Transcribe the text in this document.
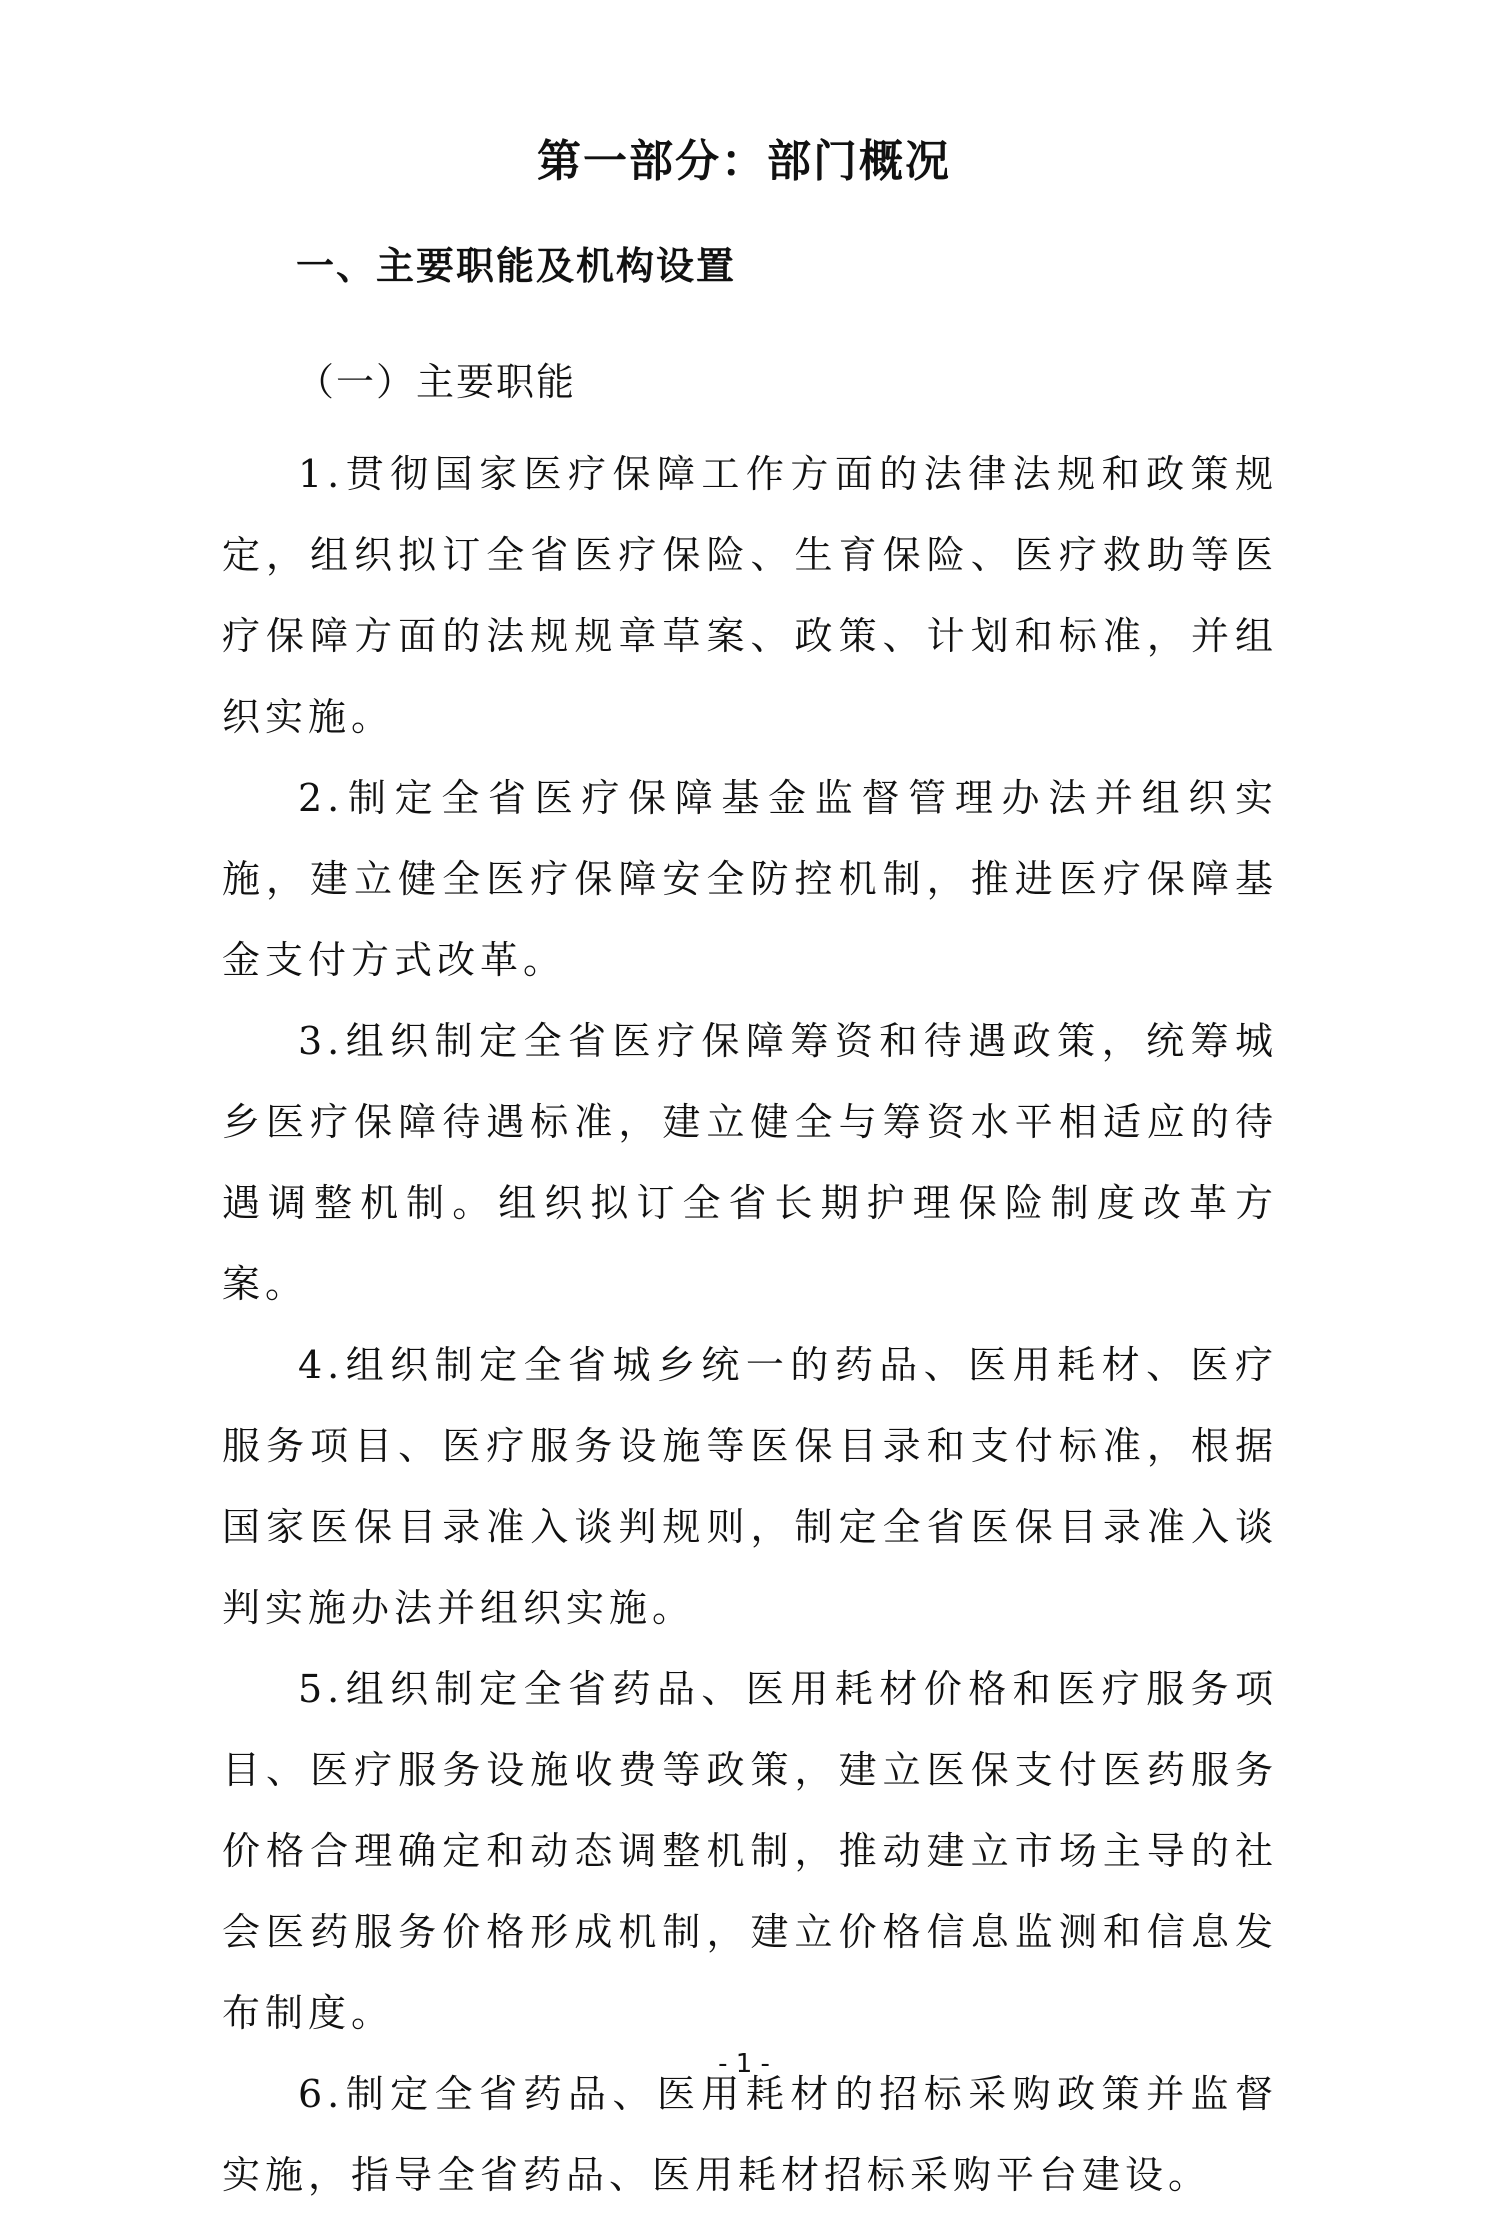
第一部分：部门概况
一、主要职能及机构设置
（一）主要职能

1.贯彻国家医疗保障工作方面的法律法规和政策规定，组织拟订全省医疗保险、生育保险、医疗救助等医疗保障方面的法规规章草案、政策、计划和标准，并组织实施。

2.制定全省医疗保障基金监督管理办法并组织实施，建立健全医疗保障安全防控机制，推进医疗保障基金支付方式改革。

3.组织制定全省医疗保障筹资和待遇政策，统筹城乡医疗保障待遇标准，建立健全与筹资水平相适应的待遇调整机制。组织拟订全省长期护理保险制度改革方案。

4.组织制定全省城乡统一的药品、医用耗材、医疗服务项目、医疗服务设施等医保目录和支付标准，根据国家医保目录准入谈判规则，制定全省医保目录准入谈判实施办法并组织实施。

5.组织制定全省药品、医用耗材价格和医疗服务项目、医疗服务设施收费等政策，建立医保支付医药服务价格合理确定和动态调整机制，推动建立市场主导的社会医药服务价格形成机制，建立价格信息监测和信息发布制度。

6.制定全省药品、医用耗材的招标采购政策并监督实施，指导全省药品、医用耗材招标采购平台建设。

- 1 -
